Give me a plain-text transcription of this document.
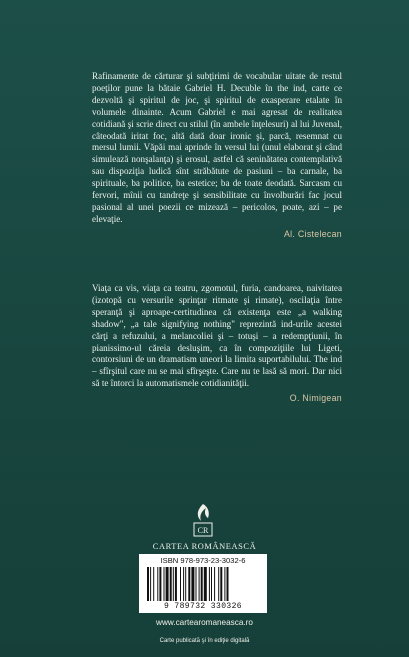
Rafinamente de cărturar şi subţirimi de vocabular uitate de restul poeţilor pune la bătaie Gabriel H. Decuble în the ind, carte ce dezvoltă şi spiritul de joc, şi spiritul de exasperare etalate în volumele dinainte. Acum Gabriel e mai agresat de realitatea cotidiană şi scrie direct cu stilul (în ambele înţelesuri) al lui Juvenal, câteodată iritat foc, altă dată doar ironic şi, parcă, resemnat cu mersul lumii. Văpăi mai aprinde în versul lui (unul elaborat şi când simulează nonşalanţa) şi erosul, astfel că seninătatea contemplativă sau dispoziţia ludică sînt străbătute de pasiuni – ba carnale, ba spirituale, ba politice, ba estetice; ba de toate deodată. Sarcasm cu fervori, mînii cu tandreţe şi sensibilitate cu învolburări fac jocul pasional al unei poezii ce mizează – pericolos, poate, azi – pe elevaţie.

Al. Cistelecan

Viaţa ca vis, viaţa ca teatru, zgomotul, furia, candoarea, naivitatea (izotopă cu versurile sprinţar ritmate şi rimate), oscilaţia între speranţă şi aproape-certitudinea că existenţa este „a walking shadow", „a tale signifying nothing" reprezintă ind-urile acestei cărţi a refuzului, a melancoliei şi – totuşi – a redempţiunii, în pianissimo-ul căreia desluşim, ca în compoziţiile lui Ligeti, contorsiuni de un dramatism uneori la limita suportabilului. The ind – sfîrşitul care nu se mai sfîrşeşte. Care nu te lasă să mori. Dar nici să te întorci la automatismele cotidianităţii.

O. Nimigean
CR
CARTEA ROMÂNEASCĂ
ISBN 978-973-23-3032-6
9 789732 330326
www.cartearomaneasca.ro
Carte publicată şi în ediţie digitală
